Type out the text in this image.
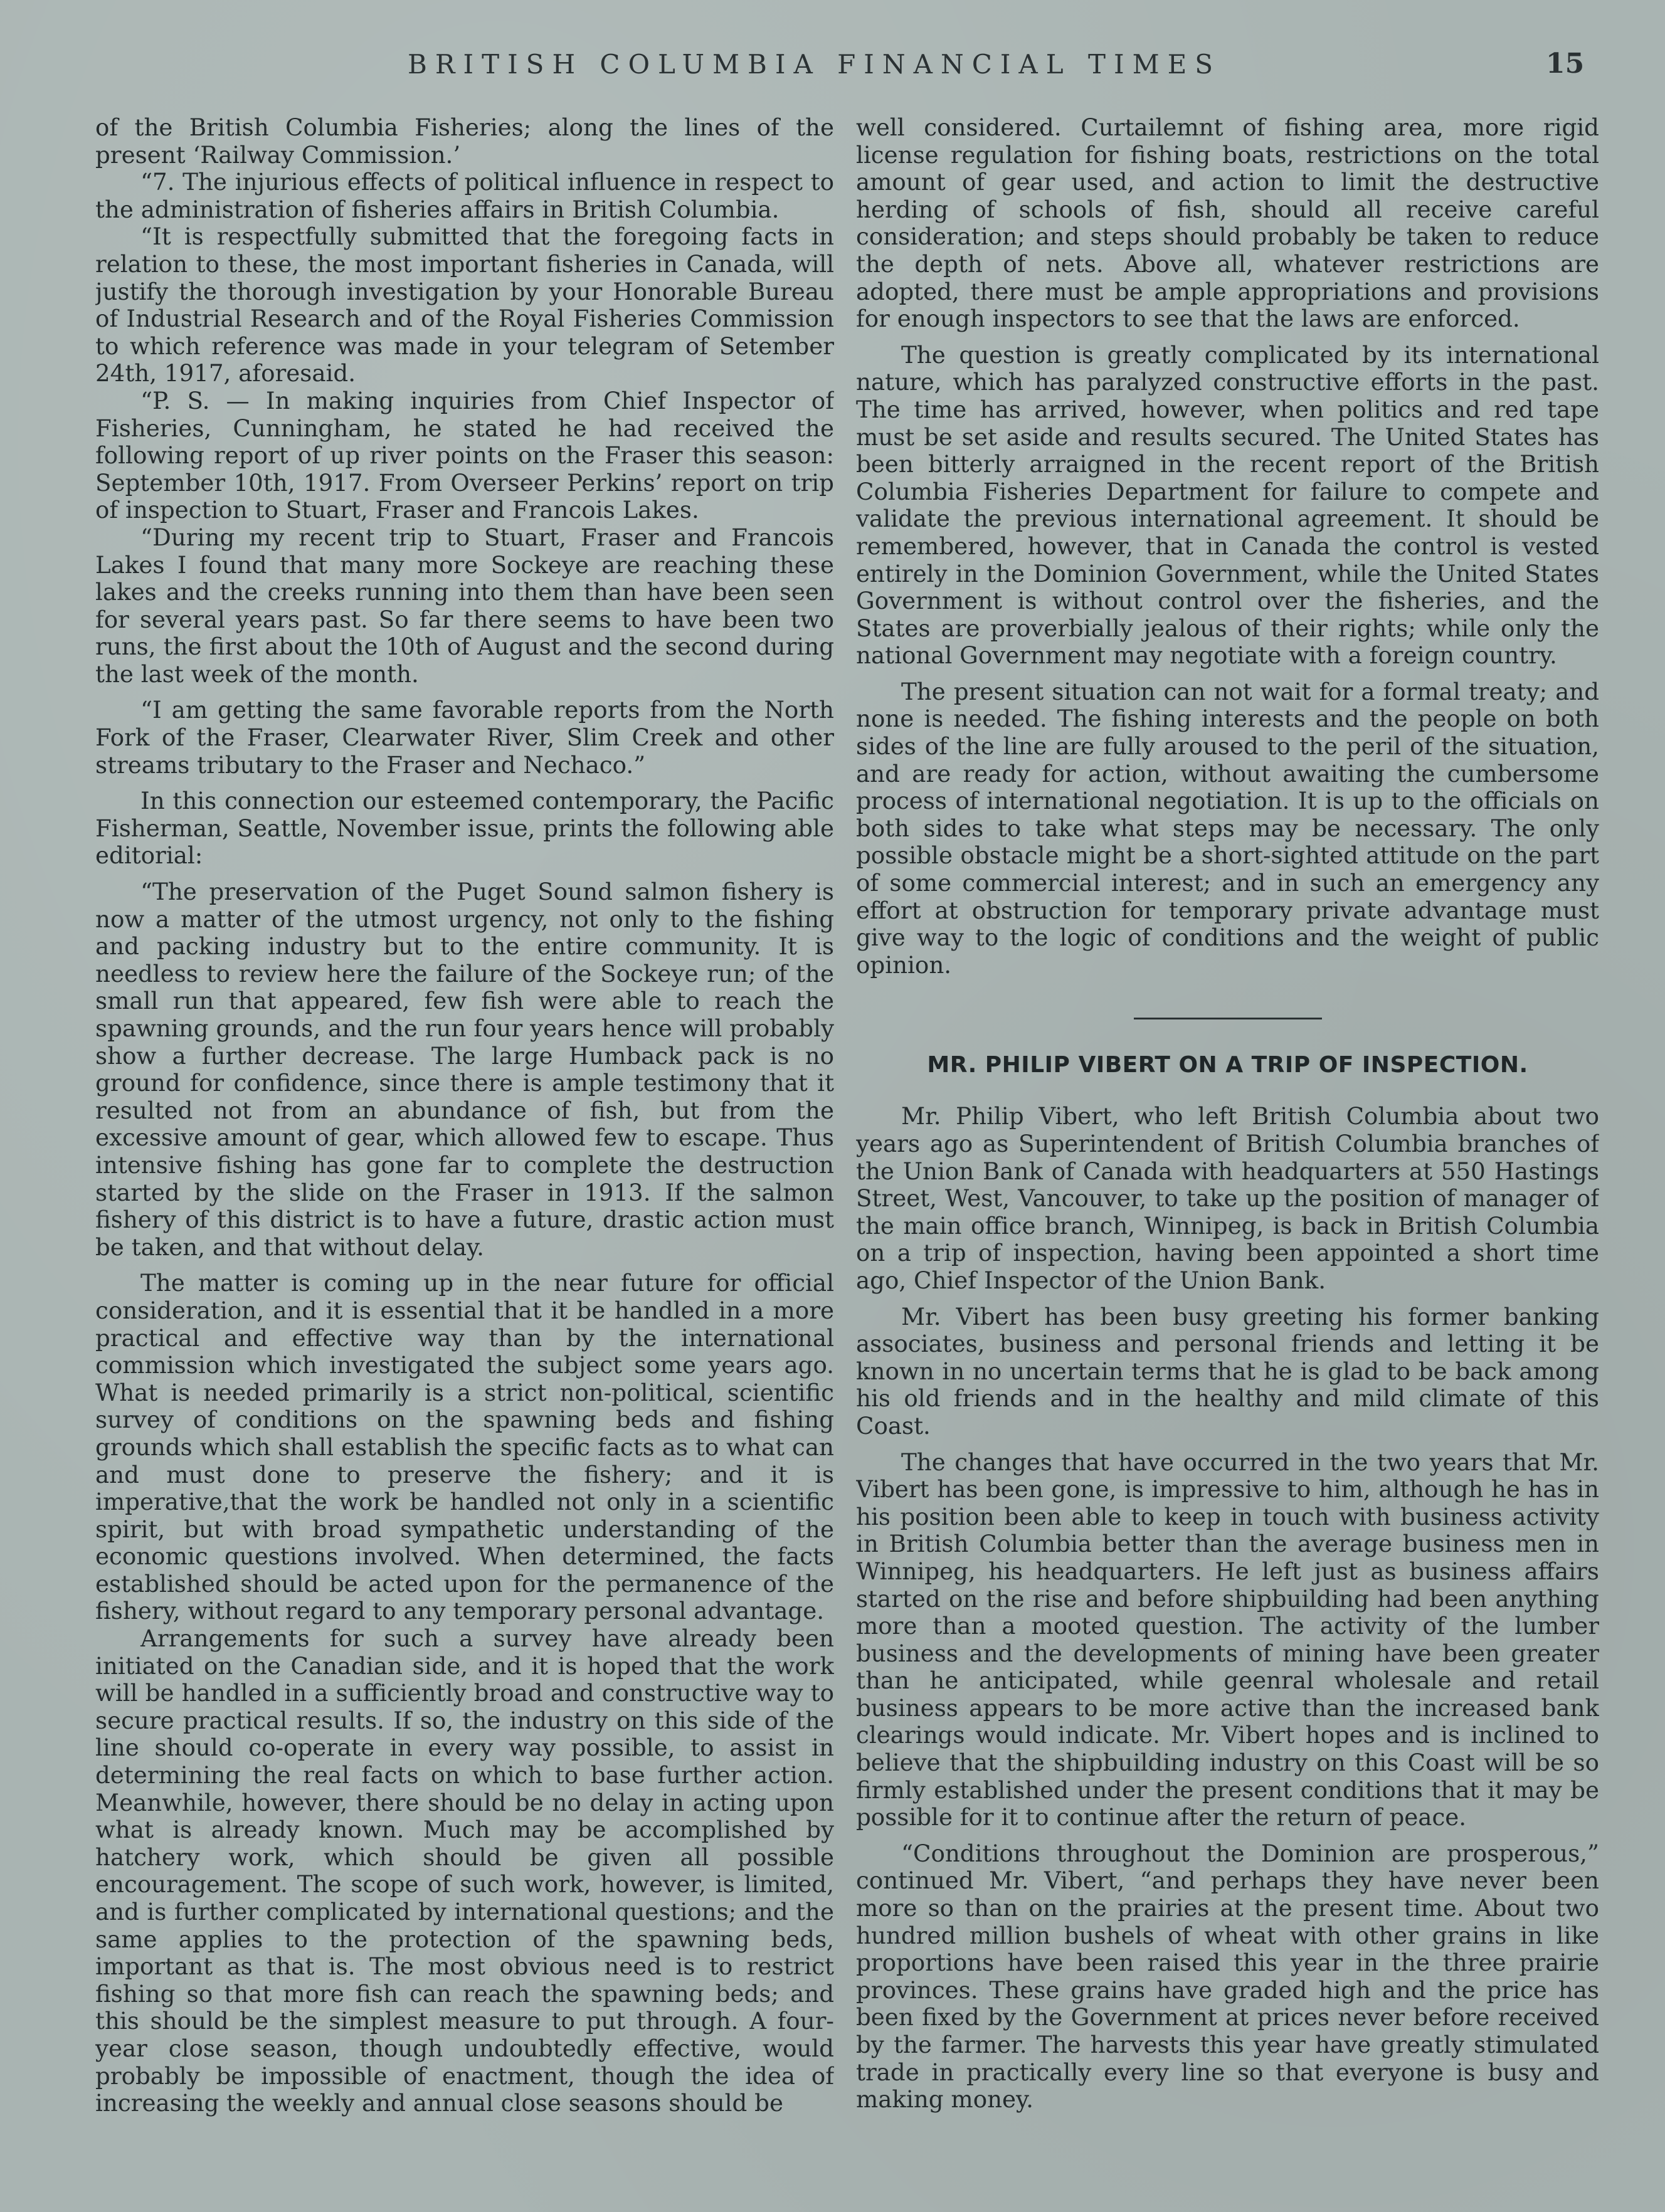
BRITISH COLUMBIA FINANCIAL TIMES	15

of the British Columbia Fisheries; along the lines of the present ‘Railway Commission.’

“7. The injurious effects of political influence in respect to the administration of fisheries affairs in British Columbia.

“It is respectfully submitted that the foregoing facts in relation to these, the most important fisheries in Canada, will justify the thorough investigation by your Honorable Bureau of Industrial Research and of the Royal Fisheries Commission to which reference was made in your telegram of Setember 24th, 1917, aforesaid.

“P. S. — In making inquiries from Chief Inspector of Fisheries, Cunningham, he stated he had received the following report of up river points on the Fraser this season: September 10th, 1917. From Overseer Perkins’ report on trip of inspection to Stuart, Fraser and Francois Lakes.

“During my recent trip to Stuart, Fraser and Francois Lakes I found that many more Sockeye are reaching these lakes and the creeks running into them than have been seen for several years past. So far there seems to have been two runs, the first about the 10th of August and the second during the last week of the month.

“I am getting the same favorable reports from the North Fork of the Fraser, Clearwater River, Slim Creek and other streams tributary to the Fraser and Nechaco.”

In this connection our esteemed contemporary, the Pacific Fisherman, Seattle, November issue, prints the following able editorial:

“The preservation of the Puget Sound salmon fishery is now a matter of the utmost urgency, not only to the fishing and packing industry but to the entire community. It is needless to review here the failure of the Sockeye run; of the small run that appeared, few fish were able to reach the spawning grounds, and the run four years hence will probably show a further decrease. The large Humback pack is no ground for confidence, since there is ample testimony that it resulted not from an abundance of fish, but from the excessive amount of gear, which allowed few to escape. Thus intensive fishing has gone far to complete the destruction started by the slide on the Fraser in 1913. If the salmon fishery of this district is to have a future, drastic action must be taken, and that without delay.

The matter is coming up in the near future for official consideration, and it is essential that it be handled in a more practical and effective way than by the international commission which investigated the subject some years ago. What is needed primarily is a strict non-political, scientific survey of conditions on the spawning beds and fishing grounds which shall establish the specific facts as to what can and must done to preserve the fishery; and it is imperative,that the work be handled not only in a scientific spirit, but with broad sympathetic understanding of the economic questions involved. When determined, the facts established should be acted upon for the permanence of the fishery, without regard to any temporary personal advantage.

Arrangements for such a survey have already been initiated on the Canadian side, and it is hoped that the work will be handled in a sufficiently broad and constructive way to secure practical results. If so, the industry on this side of the line should co-operate in every way possible, to assist in determining the real facts on which to base further action. Meanwhile, however, there should be no delay in acting upon what is already known. Much may be accomplished by hatchery work, which should be given all possible encouragement. The scope of such work, however, is limited, and is further complicated by international questions; and the same applies to the protection of the spawning beds, important as that is. The most obvious need is to restrict fishing so that more fish can reach the spawning beds; and this should be the simplest measure to put through. A four-year close season, though undoubtedly effective, would probably be impossible of enactment, though the idea of increasing the weekly and annual close seasons should be

well considered. Curtailemnt of fishing area, more rigid license regulation for fishing boats, restrictions on the total amount of gear used, and action to limit the destructive herding of schools of fish, should all receive careful consideration; and steps should probably be taken to reduce the depth of nets. Above all, whatever restrictions are adopted, there must be ample appropriations and provisions for enough inspectors to see that the laws are enforced.

The question is greatly complicated by its international nature, which has paralyzed constructive efforts in the past. The time has arrived, however, when politics and red tape must be set aside and results secured. The United States has been bitterly arraigned in the recent report of the British Columbia Fisheries Department for failure to compete and validate the previous international agreement. It should be remembered, however, that in Canada the control is vested entirely in the Dominion Government, while the United States Government is without control over the fisheries, and the States are proverbially jealous of their rights; while only the national Government may negotiate with a foreign country.

The present situation can not wait for a formal treaty; and none is needed. The fishing interests and the people on both sides of the line are fully aroused to the peril of the situation, and are ready for action, without awaiting the cumbersome process of international negotiation. It is up to the officials on both sides to take what steps may be necessary. The only possible obstacle might be a short-sighted attitude on the part of some commercial interest; and in such an emergency any effort at obstruction for temporary private advantage must give way to the logic of conditions and the weight of public opinion.

MR. PHILIP VIBERT ON A TRIP OF INSPECTION.

Mr. Philip Vibert, who left British Columbia about two years ago as Superintendent of British Columbia branches of the Union Bank of Canada with headquarters at 550 Hastings Street, West, Vancouver, to take up the position of manager of the main office branch, Winnipeg, is back in British Columbia on a trip of inspection, having been appointed a short time ago, Chief Inspector of the Union Bank.

Mr. Vibert has been busy greeting his former banking associates, business and personal friends and letting it be known in no uncertain terms that he is glad to be back among his old friends and in the healthy and mild climate of this Coast.

The changes that have occurred in the two years that Mr. Vibert has been gone, is impressive to him, although he has in his position been able to keep in touch with business activity in British Columbia better than the average business men in Winnipeg, his headquarters. He left just as business affairs started on the rise and before shipbuilding had been anything more than a mooted question. The activity of the lumber business and the developments of mining have been greater than he anticipated, while geenral wholesale and retail business appears to be more active than the increased bank clearings would indicate. Mr. Vibert hopes and is inclined to believe that the shipbuilding industry on this Coast will be so firmly established under the present conditions that it may be possible for it to continue after the return of peace.

“Conditions throughout the Dominion are prosperous,” continued Mr. Vibert, “and perhaps they have never been more so than on the prairies at the present time. About two hundred million bushels of wheat with other grains in like proportions have been raised this year in the three prairie provinces. These grains have graded high and the price has been fixed by the Government at prices never before received by the farmer. The harvests this year have greatly stimulated trade in practically every line so that everyone is busy and making money.
